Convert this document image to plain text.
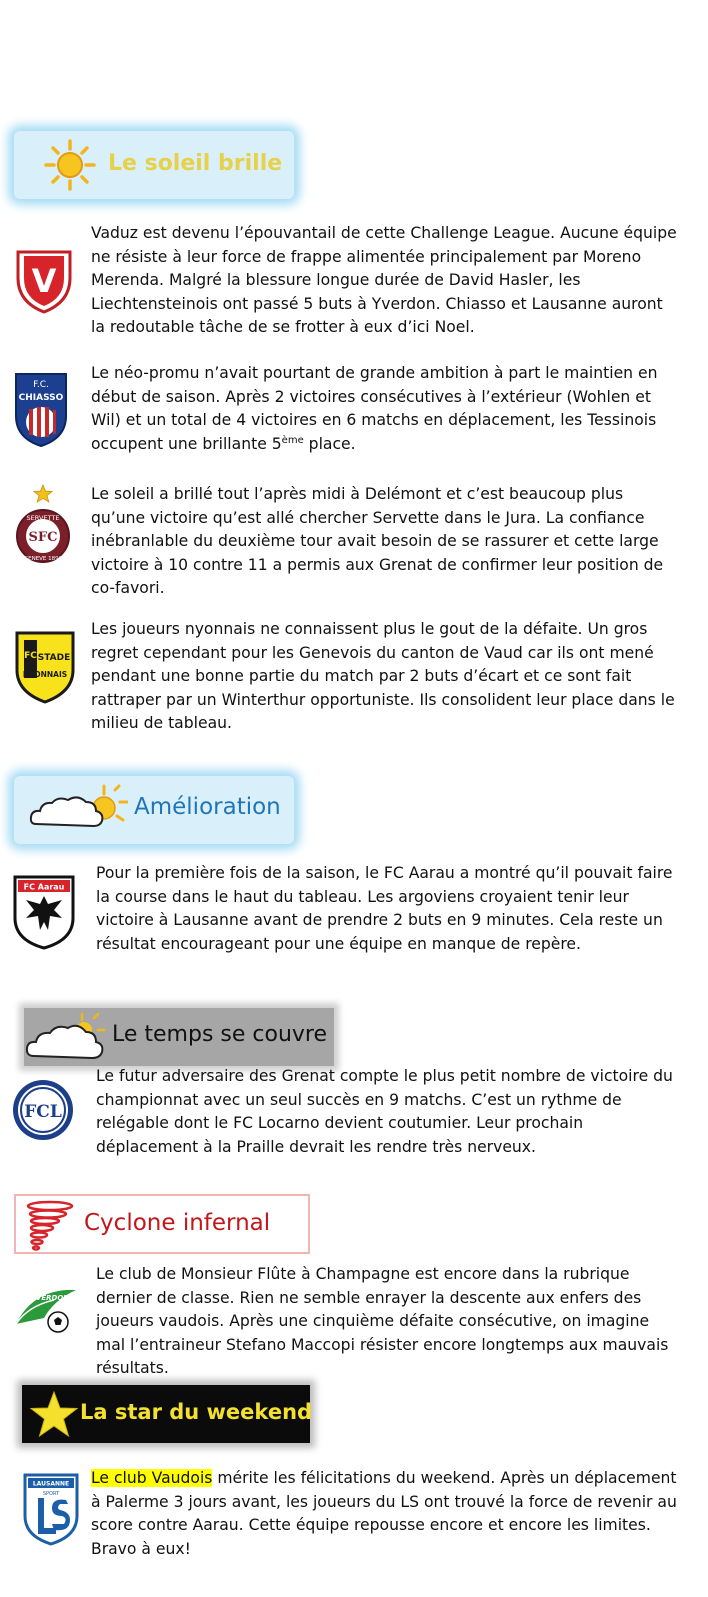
Le soleil brille
V
Vaduz est devenu l’épouvantail de cette Challenge League. Aucune équipe ne résiste à leur force de frappe alimentée principalement par Moreno Merenda. Malgré la blessure longue durée de David Hasler, les Liechtensteinois ont passé 5 buts à Yverdon. Chiasso et Lausanne auront la redoutable tâche de se frotter à eux d’ici Noel.
F.C.
CHIASSO
Le néo-promu n’avait pourtant de grande ambition à part le maintien en début de saison. Après 2 victoires consécutives à l’extérieur (Wohlen et Wil) et un total de 4 victoires en 6 matchs en déplacement, les Tessinois occupent une brillante 5ème place.
SERVETTE
GENEVE 1890
SFC
Le soleil a brillé tout l’après midi à Delémont et c’est beaucoup plus qu’une victoire qu’est allé chercher Servette dans le Jura. La confiance inébranlable du deuxième tour avait besoin de se rassurer et cette large victoire à 10 contre 11 a permis aux Grenat de confirmer leur position de co-favori.
FC STADE
NYONNAIS
Les joueurs nyonnais ne connaissent plus le gout de la défaite. Un gros regret cependant pour les Genevois du canton de Vaud car ils ont mené pendant une bonne partie du match par 2 buts d’écart et ce sont fait rattraper par un Winterthur opportuniste. Ils consolident leur place dans le milieu de tableau.
Amélioration
FC Aarau
Pour la première fois de la saison, le FC Aarau a montré qu’il pouvait faire la course dans le haut du tableau. Les argoviens croyaient tenir leur victoire à Lausanne avant de prendre 2 buts en 9 minutes. Cela reste un résultat encourageant pour une équipe en manque de repère.
Le temps se couvre
FCL
Le futur adversaire des Grenat compte le plus petit nombre de victoire du championnat avec un seul succès en 9 matchs. C’est un rythme de relégable dont le FC Locarno devient coutumier. Leur prochain déplacement à la Praille devrait les rendre très nerveux.
Cyclone infernal
YVERDON
sport
Le club de Monsieur Flûte à Champagne est encore dans la rubrique dernier de classe. Rien ne semble enrayer la descente aux enfers des joueurs vaudois. Après une cinquième défaite consécutive, on imagine mal l’entraineur Stefano Maccopi résister encore longtemps aux mauvais résultats.
La star du weekend
LAUSANNE
SPORT
Le club Vaudois mérite les félicitations du weekend. Après un déplacement à Palerme 3 jours avant, les joueurs du LS ont trouvé la force de revenir au score contre Aarau. Cette équipe repousse encore et encore les limites. Bravo à eux!
